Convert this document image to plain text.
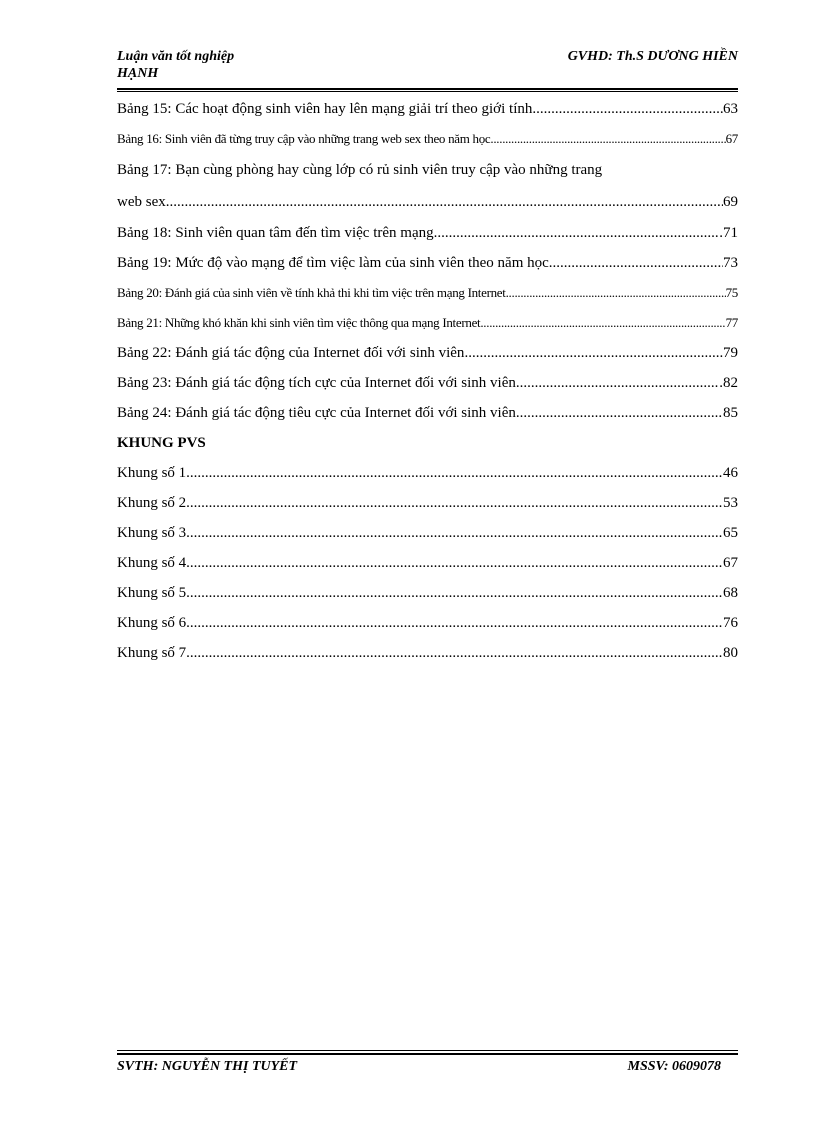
Luận văn tốt nghiệp
HẠNH
GVHD: Th.S DƯƠNG HIỀN
Bảng 15: Các hoạt động sinh viên hay lên mạng giải trí theo giới tính .....	63
Bảng 16: Sinh viên đã từng truy cập vào những trang web sex theo năm học .....	67
Bảng 17: Bạn cùng phòng hay cùng lớp có rủ sinh viên truy cập vào những trang
web sex .....	69
Bảng 18: Sinh viên quan tâm đến tìm việc trên mạng .....	.71
Bảng 19: Mức độ vào mạng để tìm việc làm của sinh viên theo năm học .....	73
Bảng 20: Đánh giá của sinh viên về tính khả thi khi tìm việc trên mạng Internet. .....	75
Bảng 21: Những khó khăn khi sinh viên tìm việc thông qua mạng Internet .....	77
Bảng 22: Đánh giá tác động của Internet đối với sinh viên .....	79
Bảng 23: Đánh giá tác động tích cực của Internet đối với sinh viên .....	.82
Bảng 24: Đánh giá tác động tiêu cực của Internet đối với sinh viên .....	85
KHUNG PVS
Khung số 1 .....	46
Khung số 2 .....	53
Khung số 3 .....	65
Khung số 4 .....	67
Khung số 5 .....	68
Khung số 6 .....	76
Khung số 7 .....	80
SVTH: NGUYỄN THỊ TUYẾT	MSSV: 0609078
